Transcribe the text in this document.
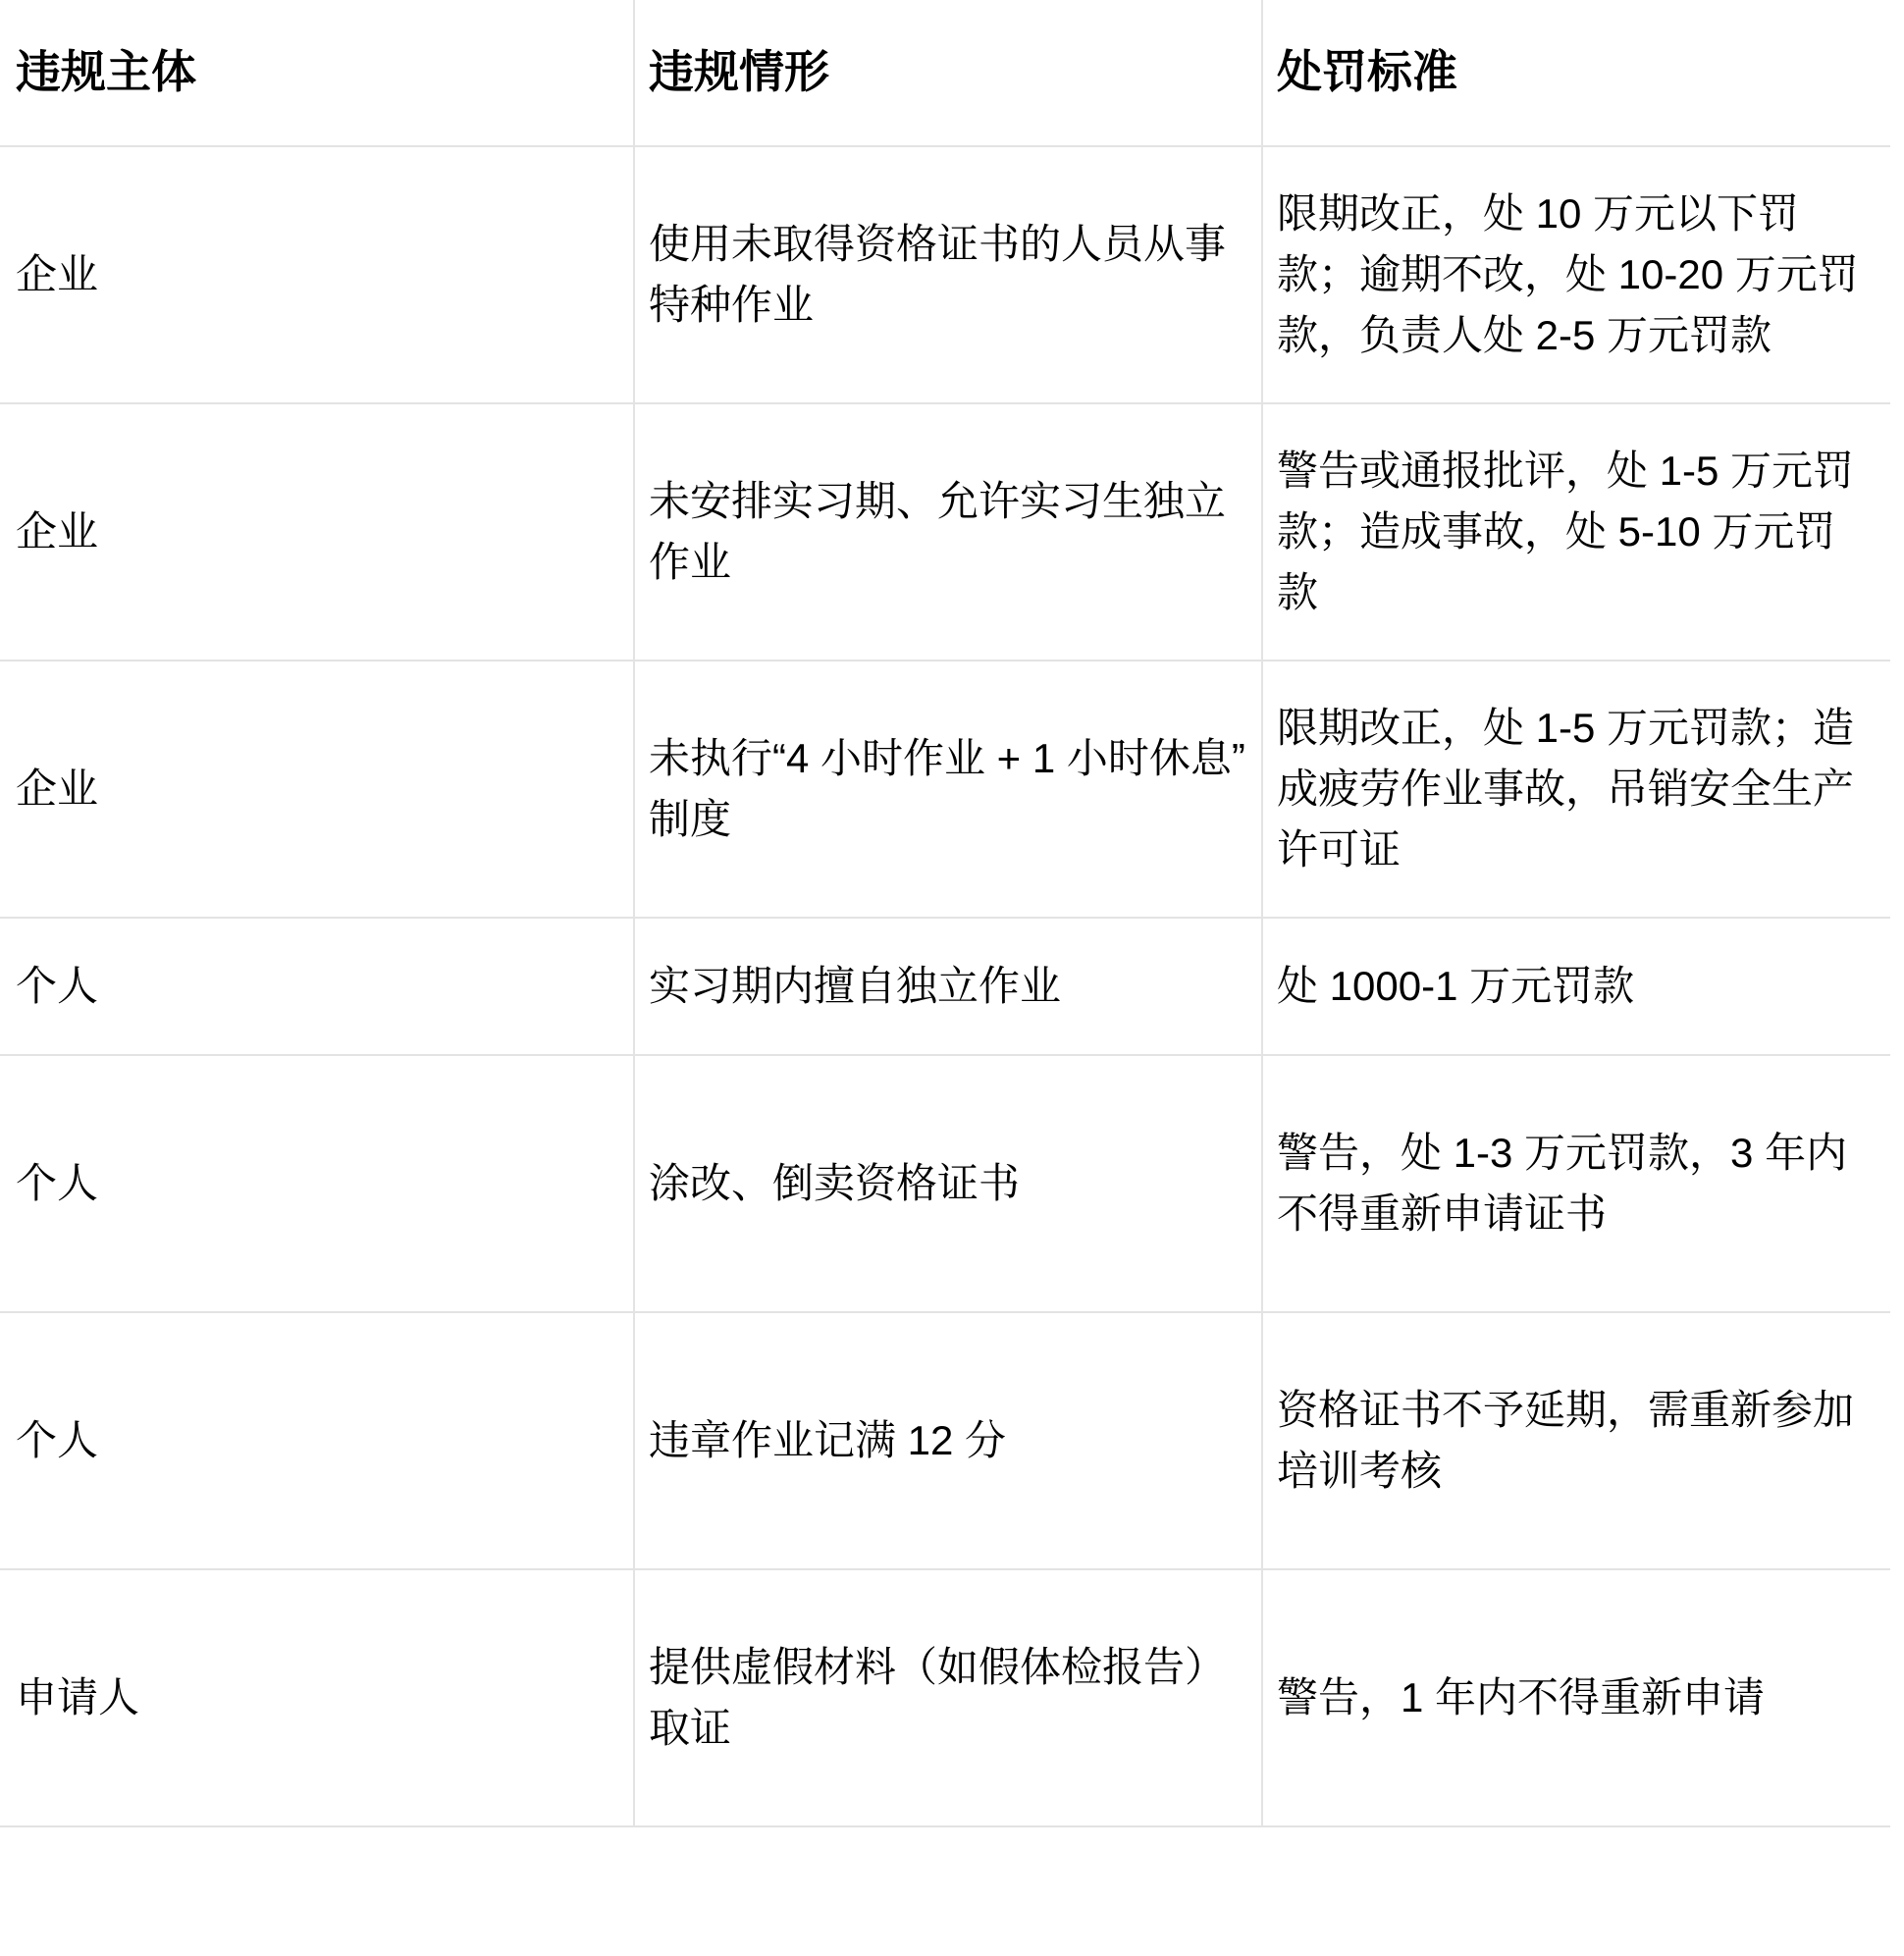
违规主体	违规情形	处罚标准

企业	使用未取得资格证书的人员从事特种作业	限期改正，处 10 万元以下罚款；逾期不改，处 10-20 万元罚款，负责人处 2-5 万元罚款

企业	未安排实习期、允许实习生独立作业	警告或通报批评，处 1-5 万元罚款；造成事故，处 5-10 万元罚款

企业	未执行“4 小时作业 + 1 小时休息”制度	限期改正，处 1-5 万元罚款；造成疲劳作业事故，吊销安全生产许可证

个人	实习期内擅自独立作业	处 1000-1 万元罚款

个人	涂改、倒卖资格证书	警告，处 1-3 万元罚款，3 年内不得重新申请证书

个人	违章作业记满 12 分	资格证书不予延期，需重新参加培训考核

申请人	提供虚假材料（如假体检报告）取证	警告，1 年内不得重新申请
